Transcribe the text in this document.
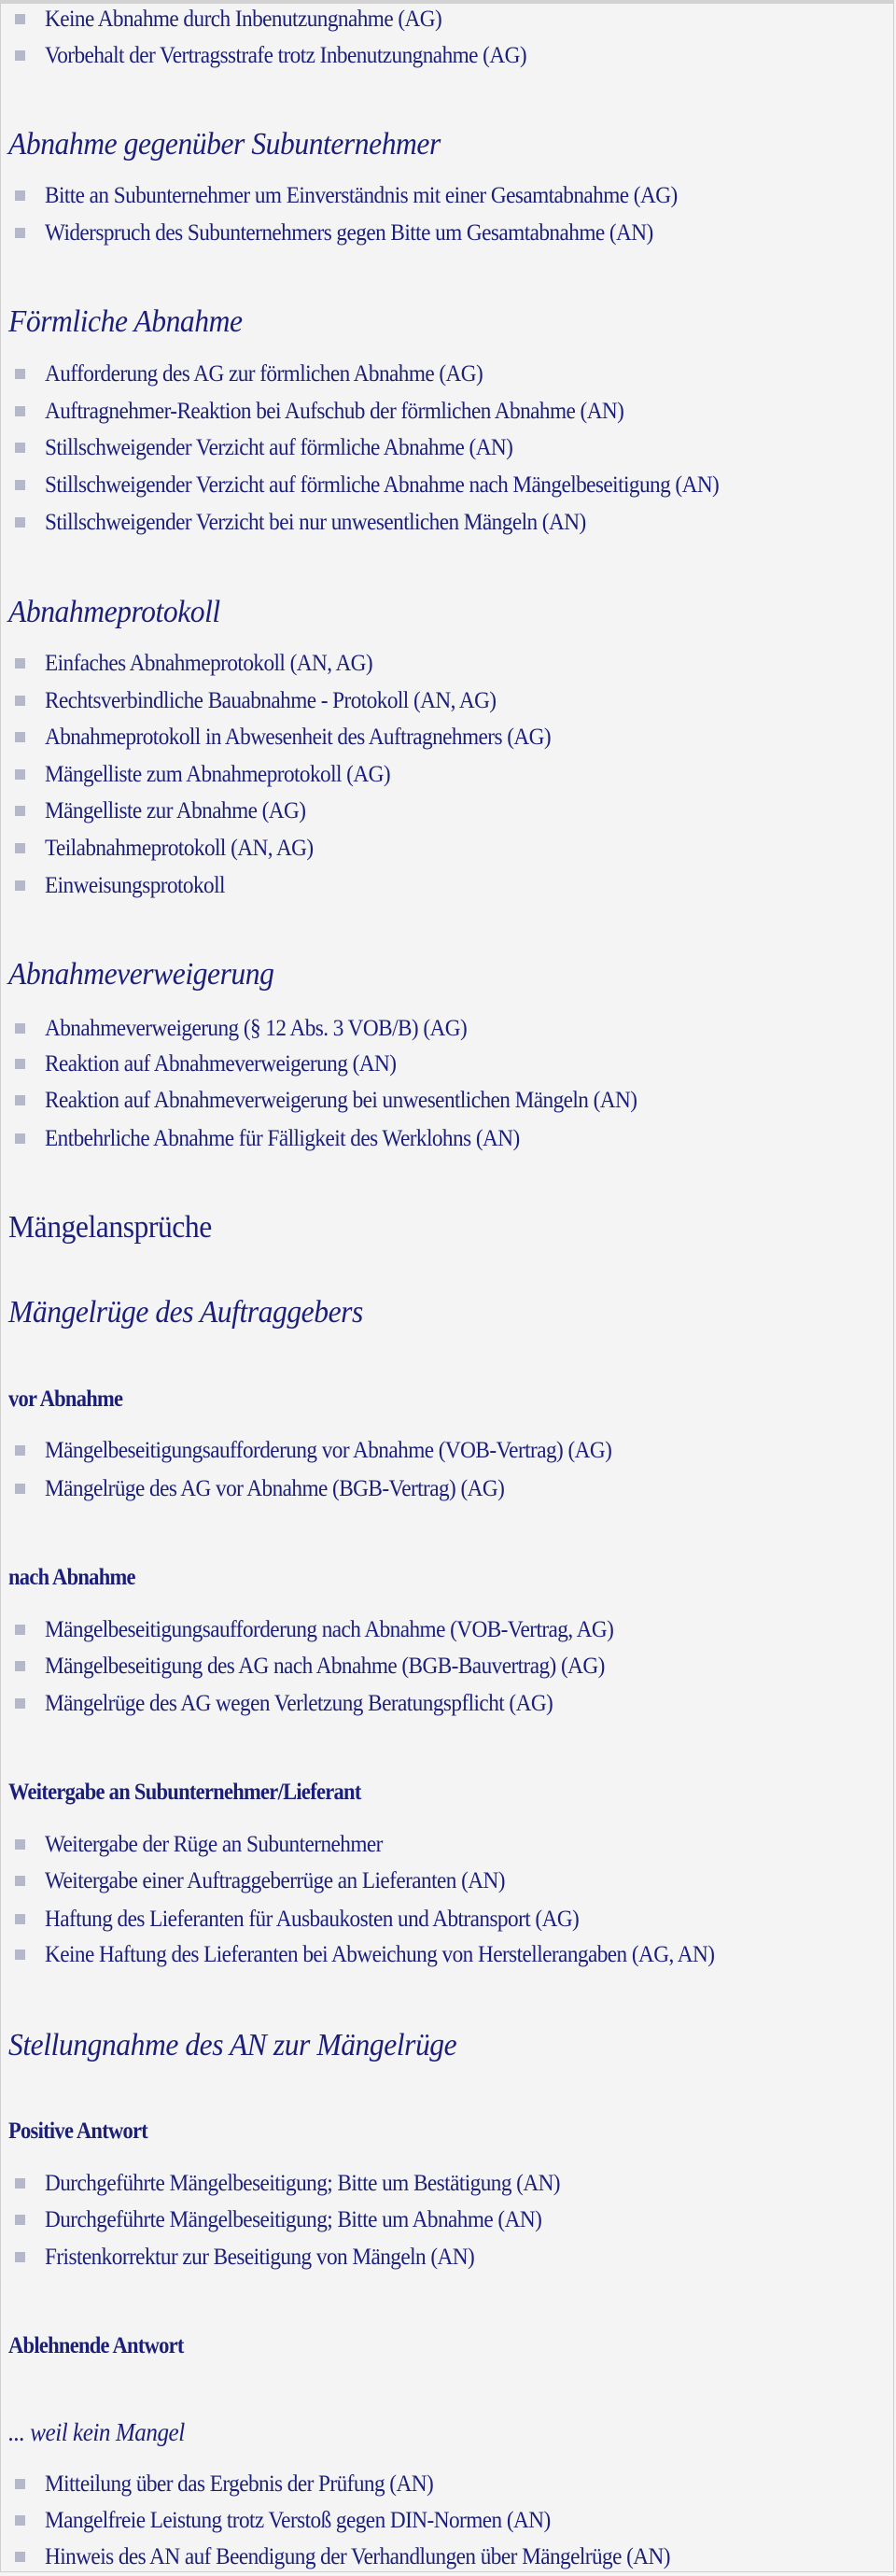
Keine Abnahme durch Inbenutzungnahme (AG)
Vorbehalt der Vertragsstrafe trotz Inbenutzungnahme (AG)
Abnahme gegenüber Subunternehmer
Bitte an Subunternehmer um Einverständnis mit einer Gesamtabnahme (AG)
Widerspruch des Subunternehmers gegen Bitte um Gesamtabnahme (AN)
Förmliche Abnahme
Aufforderung des AG zur förmlichen Abnahme (AG)
Auftragnehmer-Reaktion bei Aufschub der förmlichen Abnahme (AN)
Stillschweigender Verzicht auf förmliche Abnahme (AN)
Stillschweigender Verzicht auf förmliche Abnahme nach Mängelbeseitigung (AN)
Stillschweigender Verzicht bei nur unwesentlichen Mängeln (AN)
Abnahmeprotokoll
Einfaches Abnahmeprotokoll (AN, AG)
Rechtsverbindliche Bauabnahme - Protokoll (AN, AG)
Abnahmeprotokoll in Abwesenheit des Auftragnehmers (AG)
Mängelliste zum Abnahmeprotokoll (AG)
Mängelliste zur Abnahme (AG)
Teilabnahmeprotokoll (AN, AG)
Einweisungsprotokoll
Abnahmeverweigerung
Abnahmeverweigerung (§ 12 Abs. 3 VOB/B) (AG)
Reaktion auf Abnahmeverweigerung (AN)
Reaktion auf Abnahmeverweigerung bei unwesentlichen Mängeln (AN)
Entbehrliche Abnahme für Fälligkeit des Werklohns (AN)
Mängelansprüche
Mängelrüge des Auftraggebers
vor Abnahme
Mängelbeseitigungsaufforderung vor Abnahme (VOB-Vertrag) (AG)
Mängelrüge des AG vor Abnahme (BGB-Vertrag) (AG)
nach Abnahme
Mängelbeseitigungsaufforderung nach Abnahme (VOB-Vertrag, AG)
Mängelbeseitigung des AG nach Abnahme (BGB-Bauvertrag) (AG)
Mängelrüge des AG wegen Verletzung Beratungspflicht (AG)
Weitergabe an Subunternehmer/Lieferant
Weitergabe der Rüge an Subunternehmer
Weitergabe einer Auftraggeberrüge an Lieferanten (AN)
Haftung des Lieferanten für Ausbaukosten und Abtransport (AG)
Keine Haftung des Lieferanten bei Abweichung von Herstellerangaben (AG, AN)
Stellungnahme des AN zur Mängelrüge
Positive Antwort
Durchgeführte Mängelbeseitigung; Bitte um Bestätigung (AN)
Durchgeführte Mängelbeseitigung; Bitte um Abnahme (AN)
Fristenkorrektur zur Beseitigung von Mängeln (AN)
Ablehnende Antwort
... weil kein Mangel
Mitteilung über das Ergebnis der Prüfung (AN)
Mangelfreie Leistung trotz Verstoß gegen DIN-Normen (AN)
Hinweis des AN auf Beendigung der Verhandlungen über Mängelrüge (AN)
